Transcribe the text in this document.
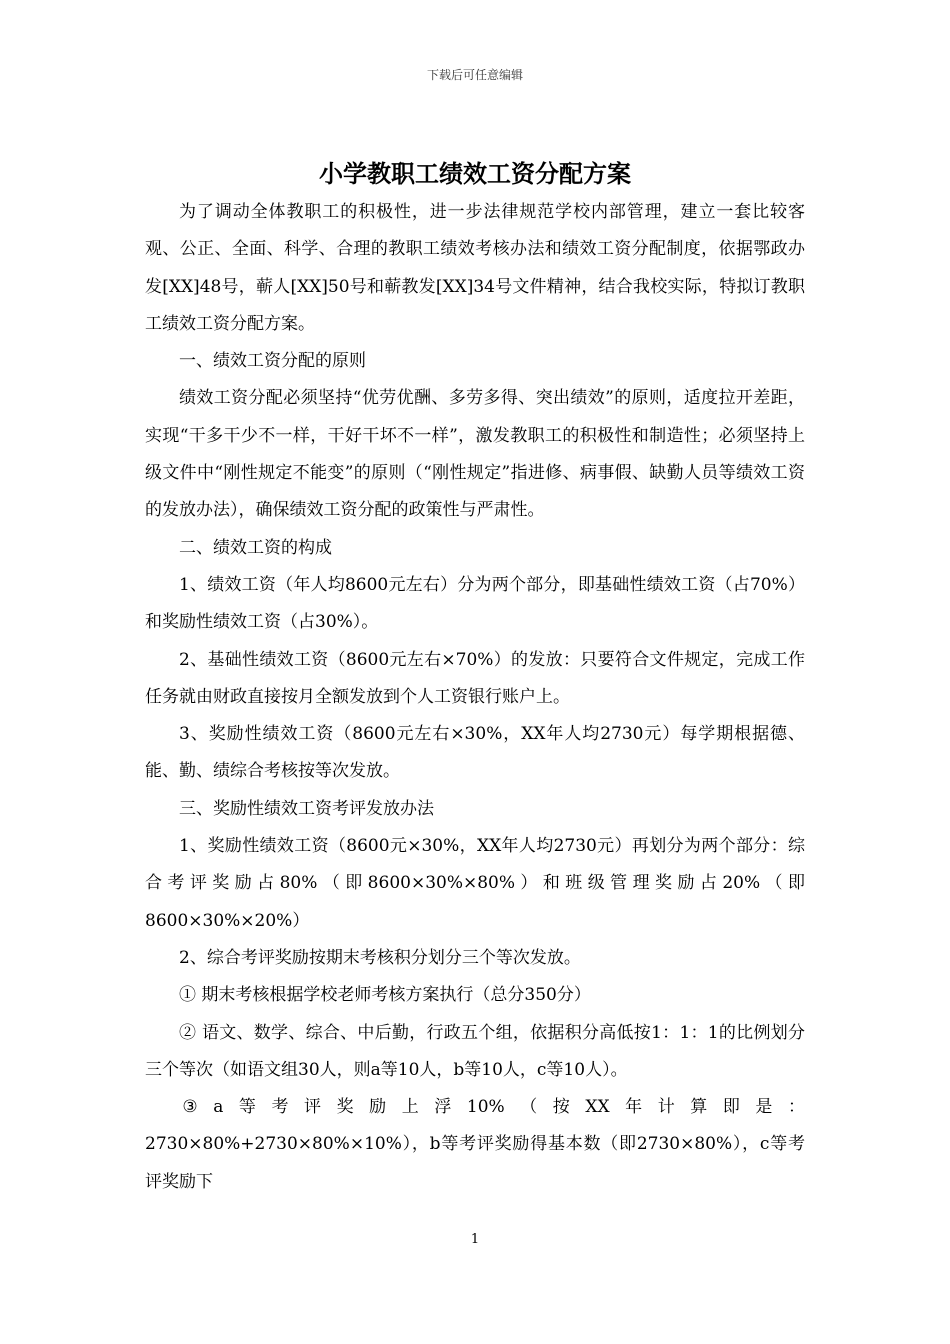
下载后可任意编辑
小学教职工绩效工资分配方案

为了调动全体教职工的积极性，进一步法律规范学校内部管理，建立一套比较客观、公正、全面、科学、合理的教职工绩效考核办法和绩效工资分配制度，依据鄂政办发[XX]48号，蕲人[XX]50号和蕲教发[XX]34号文件精神，结合我校实际，特拟订教职工绩效工资分配方案。

一、绩效工资分配的原则

绩效工资分配必须坚持“优劳优酬、多劳多得、突出绩效”的原则，适度拉开差距，实现“干多干少不一样，干好干坏不一样”，激发教职工的积极性和制造性；必须坚持上级文件中“刚性规定不能变”的原则（“刚性规定”指进修、病事假、缺勤人员等绩效工资的发放办法），确保绩效工资分配的政策性与严肃性。

二、绩效工资的构成

1、绩效工资（年人均8600元左右）分为两个部分，即基础性绩效工资（占70%）和奖励性绩效工资（占30%）。

2、基础性绩效工资（8600元左右×70%）的发放：只要符合文件规定，完成工作任务就由财政直接按月全额发放到个人工资银行账户上。

3、奖励性绩效工资（8600元左右×30%，XX年人均2730元）每学期根据德、能、勤、绩综合考核按等次发放。

三、奖励性绩效工资考评发放办法

1、奖励性绩效工资（8600元×30%，XX年人均2730元）再划分为两个部分：综合考评奖励占80%（即8600×30%×80%）和班级管理奖励占20%（即8600×30%×20%）

2、综合考评奖励按期末考核积分划分三个等次发放。

① 期末考核根据学校老师考核方案执行（总分350分）

② 语文、数学、综合、中后勤，行政五个组，依据积分高低按1：1：1的比例划分三个等次（如语文组30人，则a等10人，b等10人，c等10人）。

③a等考评奖励上浮10%（按XX年计算即是：2730×80%+2730×80%×10%），b等考评奖励得基本数（即2730×80%），c等考评奖励下

1
